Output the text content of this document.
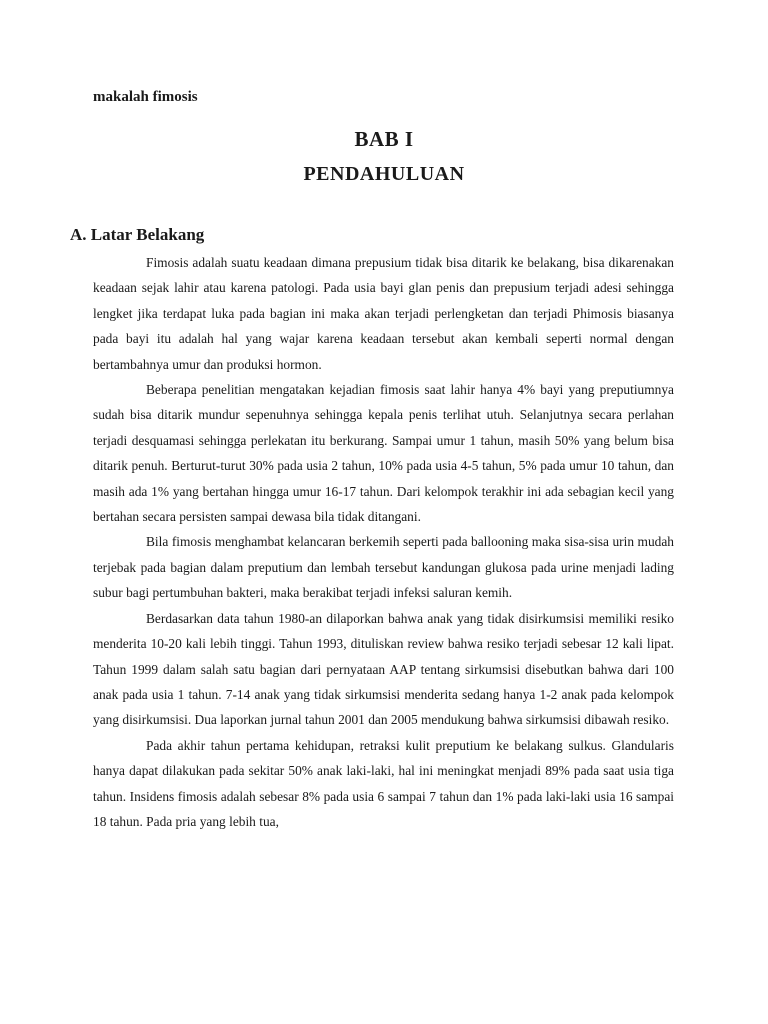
makalah fimosis

BAB I
PENDAHULUAN
A. Latar Belakang

Fimosis adalah suatu keadaan dimana prepusium tidak bisa ditarik ke belakang, bisa dikarenakan keadaan sejak lahir atau karena patologi. Pada usia bayi glan penis dan prepusium terjadi adesi sehingga lengket jika terdapat luka pada bagian ini maka akan terjadi perlengketan dan terjadi Phimosis biasanya pada bayi itu adalah hal yang wajar karena keadaan tersebut akan kembali seperti normal dengan bertambahnya umur dan produksi hormon.

Beberapa penelitian mengatakan kejadian fimosis saat lahir hanya 4% bayi yang preputiumnya sudah bisa ditarik mundur sepenuhnya sehingga kepala penis terlihat utuh. Selanjutnya secara perlahan terjadi desquamasi sehingga perlekatan itu berkurang. Sampai umur 1 tahun, masih 50% yang belum bisa ditarik penuh. Berturut-turut 30% pada usia 2 tahun, 10% pada usia 4-5 tahun, 5% pada umur 10 tahun, dan masih ada 1% yang bertahan hingga umur 16-17 tahun. Dari kelompok terakhir ini ada sebagian kecil yang bertahan secara persisten sampai dewasa bila tidak ditangani.

Bila fimosis menghambat kelancaran berkemih seperti pada ballooning maka sisa-sisa urin mudah terjebak pada bagian dalam preputium dan lembah tersebut kandungan glukosa pada urine menjadi lading subur bagi pertumbuhan bakteri, maka berakibat terjadi infeksi saluran kemih.

Berdasarkan data tahun 1980-an dilaporkan bahwa anak yang tidak disirkumsisi memiliki resiko menderita 10-20 kali lebih tinggi. Tahun 1993, dituliskan review bahwa resiko terjadi sebesar 12 kali lipat. Tahun 1999 dalam salah satu bagian dari pernyataan AAP tentang sirkumsisi disebutkan bahwa dari 100 anak pada usia 1 tahun. 7-14 anak yang tidak sirkumsisi menderita sedang hanya 1-2 anak pada kelompok yang disirkumsisi. Dua laporkan jurnal tahun 2001 dan 2005 mendukung bahwa sirkumsisi dibawah resiko.

Pada akhir tahun pertama kehidupan, retraksi kulit preputium ke belakang sulkus. Glandularis hanya dapat dilakukan pada sekitar 50% anak laki-laki, hal ini meningkat menjadi 89% pada saat usia tiga tahun. Insidens fimosis adalah sebesar 8% pada usia 6 sampai 7 tahun dan 1% pada laki-laki usia 16 sampai 18 tahun. Pada pria yang lebih tua,
